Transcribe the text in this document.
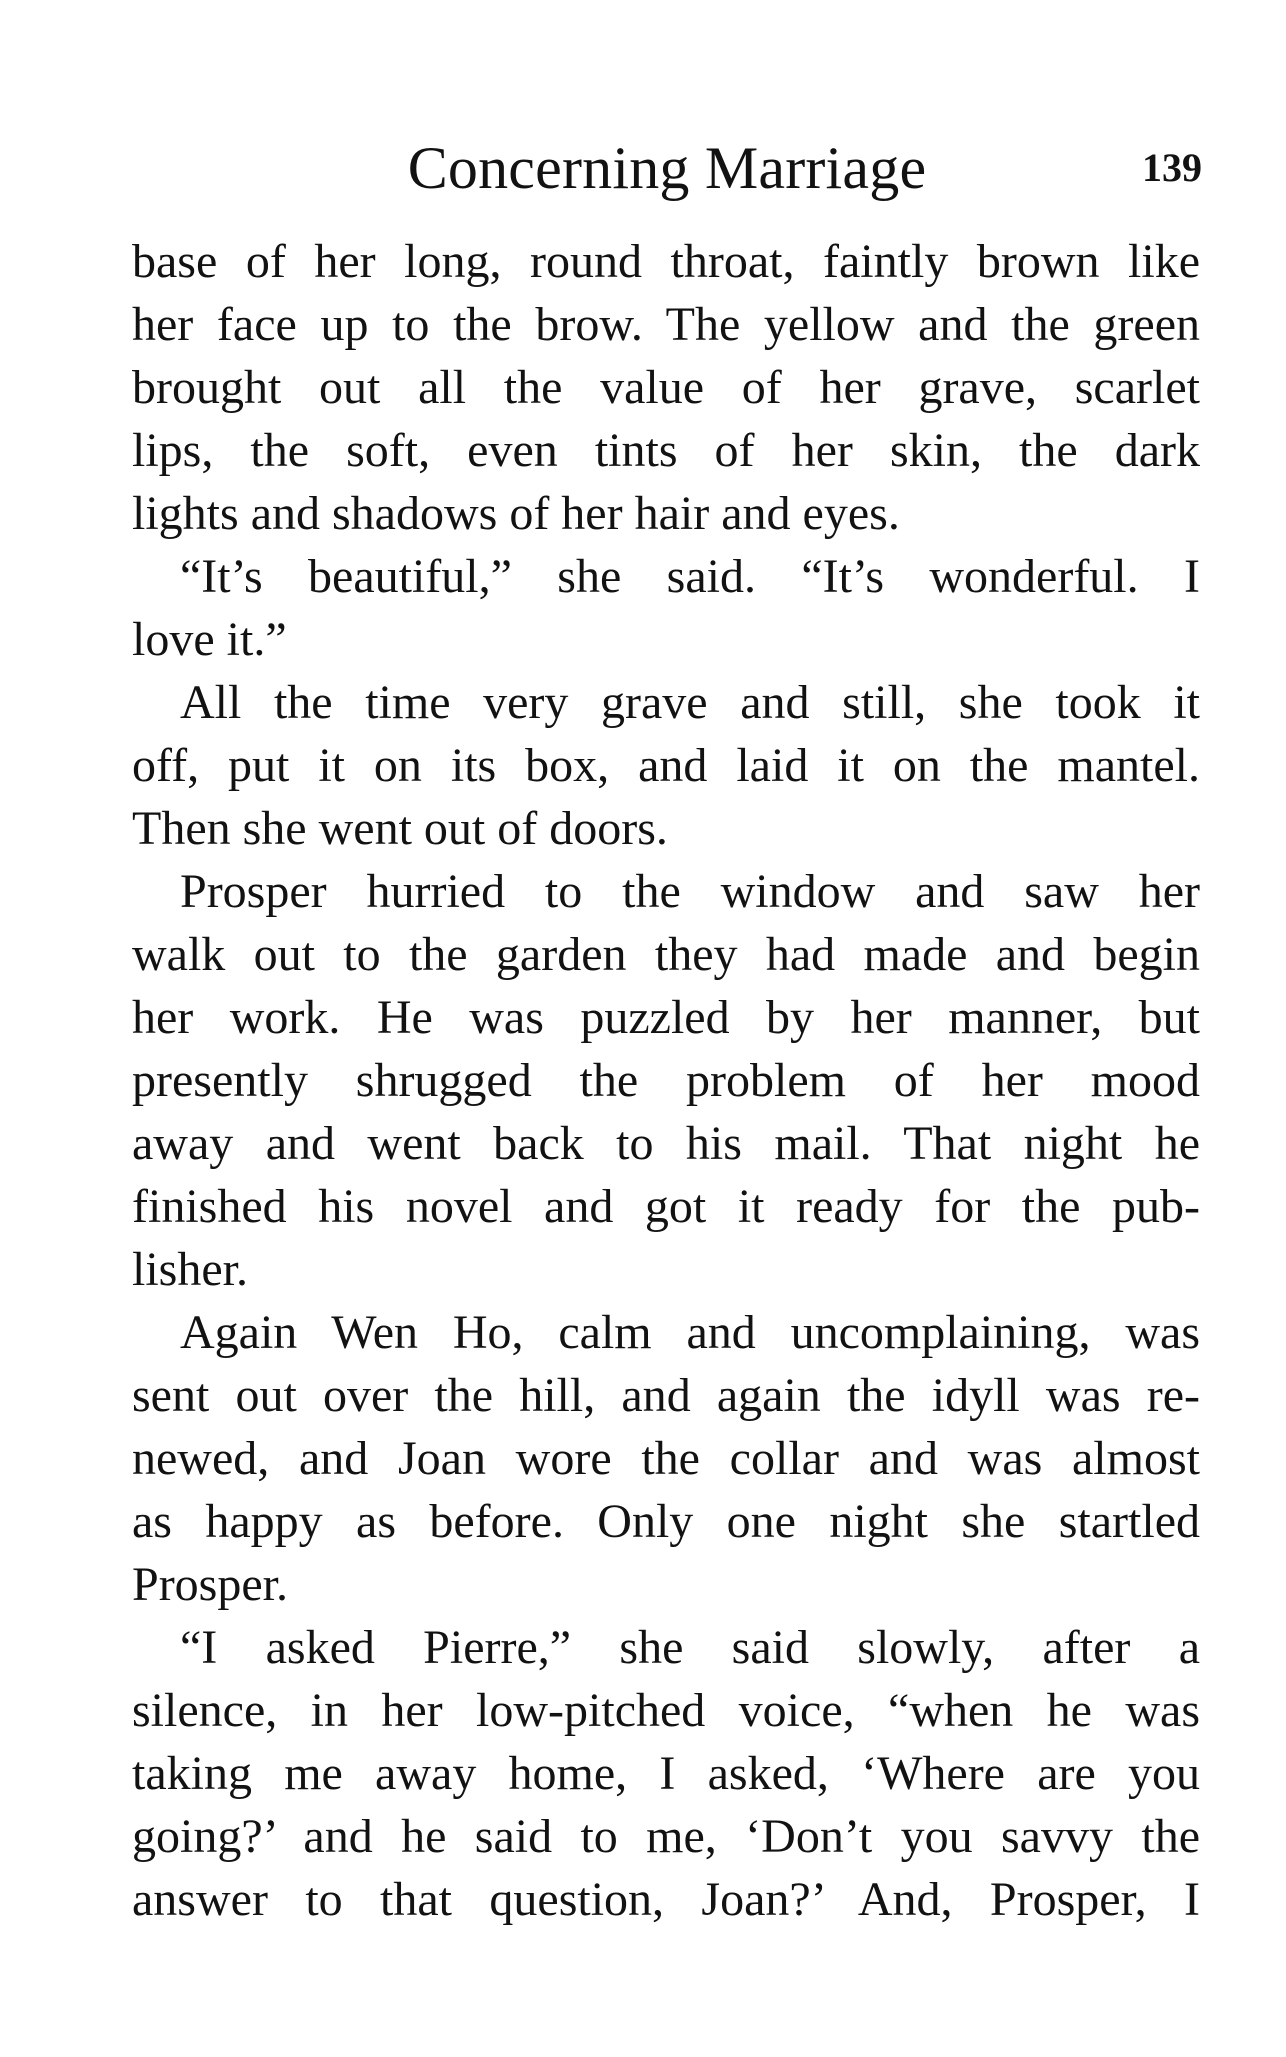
Concerning Marriage	139
base of her long, round throat, faintly brown like
her face up to the brow. The yellow and the green
brought out all the value of her grave, scarlet
lips, the soft, even tints of her skin, the dark
lights and shadows of her hair and eyes.
“It’s beautiful,” she said. “It’s wonderful. I
love it.”
All the time very grave and still, she took it
off, put it on its box, and laid it on the mantel.
Then she went out of doors.
Prosper hurried to the window and saw her
walk out to the garden they had made and begin
her work. He was puzzled by her manner, but
presently shrugged the problem of her mood
away and went back to his mail. That night he
finished his novel and got it ready for the pub-
lisher.
Again Wen Ho, calm and uncomplaining, was
sent out over the hill, and again the idyll was re-
newed, and Joan wore the collar and was almost
as happy as before. Only one night she startled
Prosper.
“I asked Pierre,” she said slowly, after a
silence, in her low-pitched voice, “when he was
taking me away home, I asked, ‘Where are you
going?’ and he said to me, ‘Don’t you savvy the
answer to that question, Joan?’ And, Prosper, I
